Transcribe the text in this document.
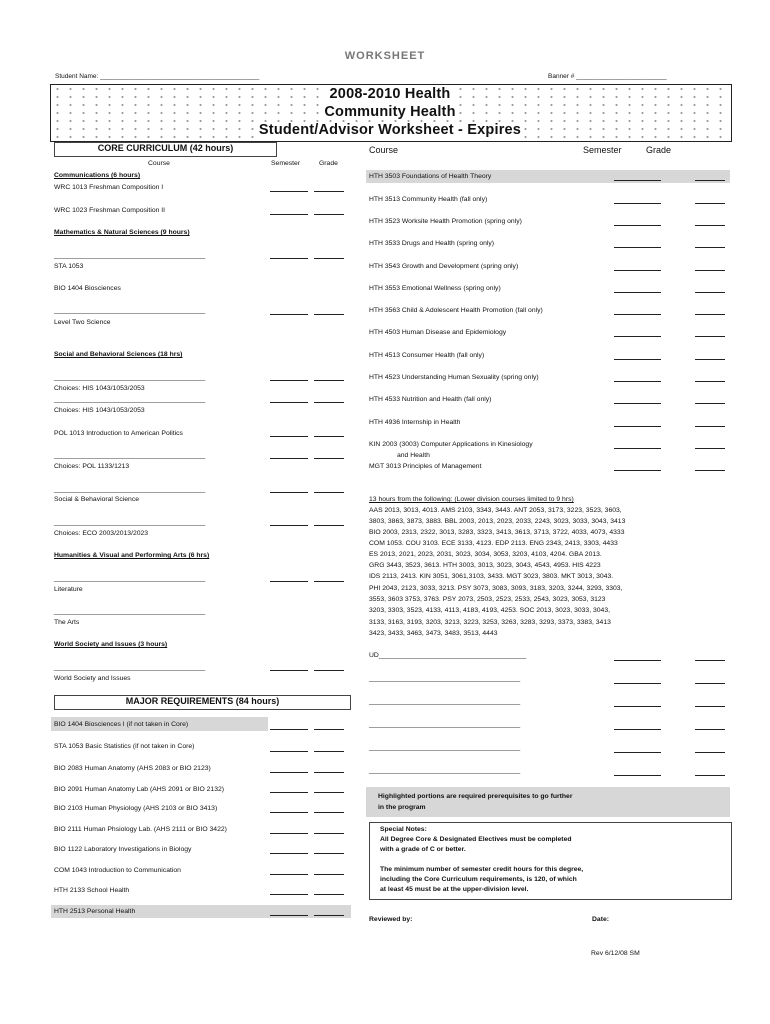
WORKSHEET
Student Name: ____________________________________________	Banner # _________________________
2008-2010 Health
Community Health
Student/Advisor Worksheet - Expires
CORE CURRICULUM (42 hours)
Course	Semester	Grade
Communications (6 hours)
WRC 1013 Freshman Composition I
WRC 1023 Freshman Composition II
Mathematics & Natural Sciences (9 hours)
________________________________________
STA 1053
BIO 1404 Biosciences
________________________________________
Level Two Science
Social and Behavioral Sciences (18 hrs)
________________________________________
Choices: HIS 1043/1053/2053
________________________________________
Choices: HIS 1043/1053/2053
POL 1013 Introduction to American Politics
________________________________________
Choices: POL 1133/1213
________________________________________
Social & Behavioral Science
________________________________________
Choices: ECO 2003/2013/2023
Humanities & Visual and Performing Arts (6 hrs)
________________________________________
Literature
________________________________________
The Arts
World Society and Issues (3 hours)
________________________________________
World Society and Issues
MAJOR REQUIREMENTS (84 hours)
BIO 1404 Biosciences I (if not taken in Core)
STA 1053 Basic Statistics (if not taken in Core)
BIO 2083 Human Anatomy (AHS 2083 or BIO 2123)
BIO 2091 Human Anatomy Lab (AHS 2091 or BIO 2132)
BIO 2103 Human Physiology (AHS 2103 or BIO 3413)
BIO 2111 Human Phsiology Lab. (AHS 2111 or BIO 3422)
BIO 1122 Laboratory Investigations in Biology
COM 1043 Introduction to Communication
HTH 2133 School Health
HTH 2513 Personal Health
Course	Semester	Grade
HTH 3503 Foundations of Health Theory
HTH 3513 Community Health (fall only)
HTH 3523 Worksite Health Promotion (spring only)
HTH 3533 Drugs and Health (spring only)
HTH 3543 Growth and Development (spring only)
HTH 3553 Emotional Wellness (spring only)
HTH 3563 Child & Adolescent Health Promotion (fall only)
HTH 4503 Human Disease and Epidemiology
HTH 4513 Consumer Health (fall only)
HTH 4523 Understanding Human Sexuality (spring only)
HTH 4533 Nutrition and Health (fall only)
HTH 4936 Internship in Health
KIN 2003 (3003) Computer Applications in Kinesiology
and Health
MGT 3013 Principles of Management
13 hours from the following: (Lower division courses limited to 9 hrs)
AAS 2013, 3013, 4013. AMS 2103, 3343, 3443. ANT 2053, 3173, 3223, 3523, 3603,
3803, 3863, 3873, 3883. BBL 2003, 2013, 2023, 2033, 2243, 3023, 3033, 3043, 3413
BIO 2003, 2313, 2322, 3013, 3283, 3323, 3413, 3613, 3713, 3722, 4033, 4073, 4333
COM 1053. COU 3103. ECE 3133, 4123. EDP 2113. ENG 2343, 2413, 3303, 4433
ES 2013, 2021, 2023, 2031, 3023, 3034, 3053, 3203, 4103, 4204. GBA 2013.
GRG 3443, 3523, 3613. HTH 3003, 3013, 3023, 3043, 4543, 4953. HIS 4223
IDS 2113, 2413. KIN 3051, 3061,3103, 3433. MGT 3023, 3803. MKT 3013, 3043.
PHI 2043, 2123, 3033, 3213. PSY 3073, 3083, 3093, 3183, 3203, 3244, 3293, 3303,
3553, 3603 3753, 3763. PSY 2073, 2503, 2523, 2533, 2543, 3023, 3053, 3123
3203, 3303, 3523, 4133, 4113, 4183, 4193, 4253. SOC 2013, 3023, 3033, 3043,
3133, 3163, 3193, 3203, 3213, 3223, 3253, 3263, 3283, 3293, 3373, 3383, 3413
3423, 3433, 3463, 3473, 3483, 3513, 4443
UD_______________________________________
________________________________________
________________________________________
________________________________________
________________________________________
________________________________________
Highlighted portions are required prerequisites to go further
in the program
Special Notes:
All Degree Core & Designated Electives must be completed
with a grade of C or better.
The minimum number of semester credit hours for this degree,
including the Core Curriculum requirements, is 120, of which
at least 45 must be at the upper-division level.
Reviewed by:	Date:
Rev 6/12/08 SM
